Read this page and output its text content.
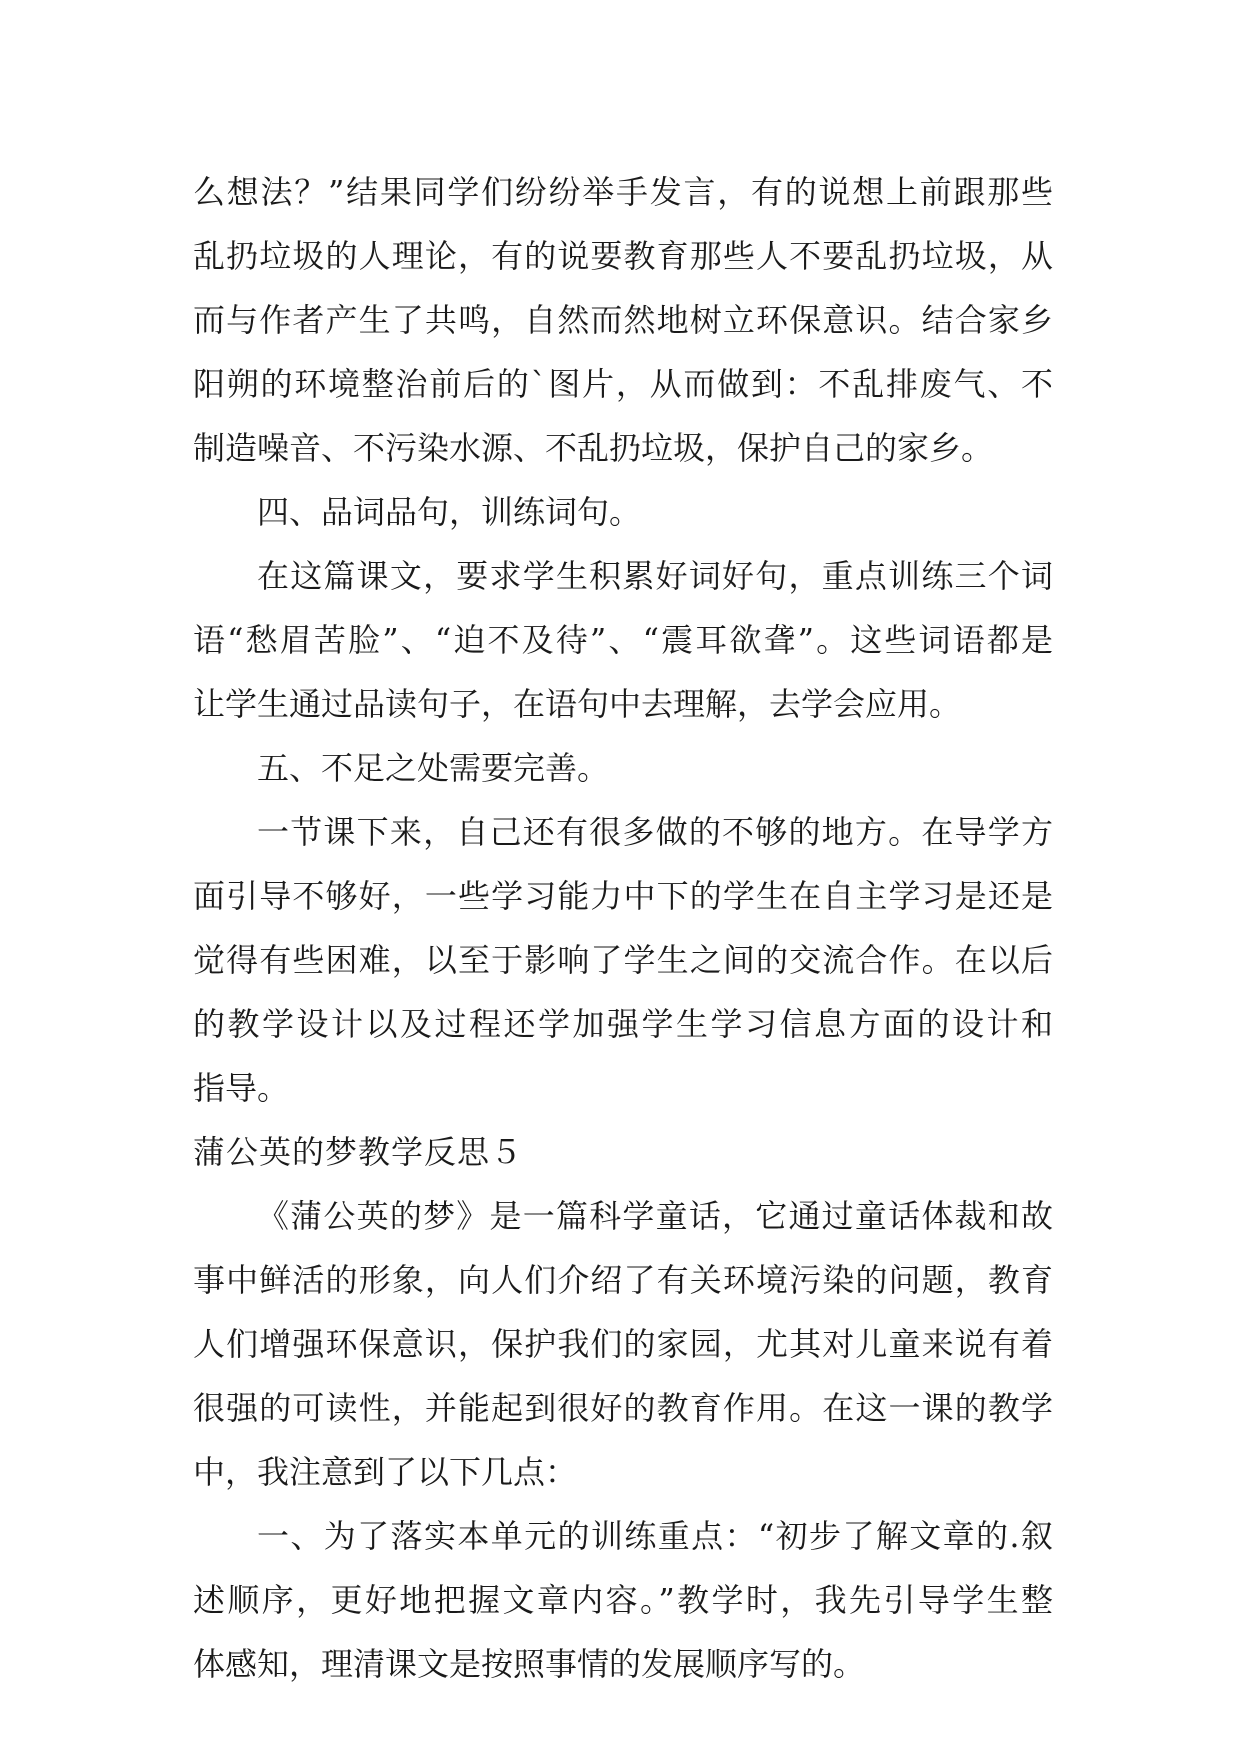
么想法？”结果同学们纷纷举手发言，有的说想上前跟那些
乱扔垃圾的人理论，有的说要教育那些人不要乱扔垃圾，从
而与作者产生了共鸣，自然而然地树立环保意识。结合家乡
阳朔的环境整治前后的`图片，从而做到：不乱排废气、不
制造噪音、不污染水源、不乱扔垃圾，保护自己的家乡。
四、品词品句，训练词句。
在这篇课文，要求学生积累好词好句，重点训练三个词
语“愁眉苦脸”、“迫不及待”、“震耳欲聋”。这些词语都是
让学生通过品读句子，在语句中去理解，去学会应用。
五、不足之处需要完善。
一节课下来，自己还有很多做的不够的地方。在导学方
面引导不够好，一些学习能力中下的学生在自主学习是还是
觉得有些困难，以至于影响了学生之间的交流合作。在以后
的教学设计以及过程还学加强学生学习信息方面的设计和
指导。
蒲公英的梦教学反思５
《蒲公英的梦》是一篇科学童话，它通过童话体裁和故
事中鲜活的形象，向人们介绍了有关环境污染的问题，教育
人们增强环保意识，保护我们的家园，尤其对儿童来说有着
很强的可读性，并能起到很好的教育作用。在这一课的教学
中，我注意到了以下几点：
一、为了落实本单元的训练重点：“初步了解文章的.叙
述顺序，更好地把握文章内容。”教学时，我先引导学生整
体感知，理清课文是按照事情的发展顺序写的。
